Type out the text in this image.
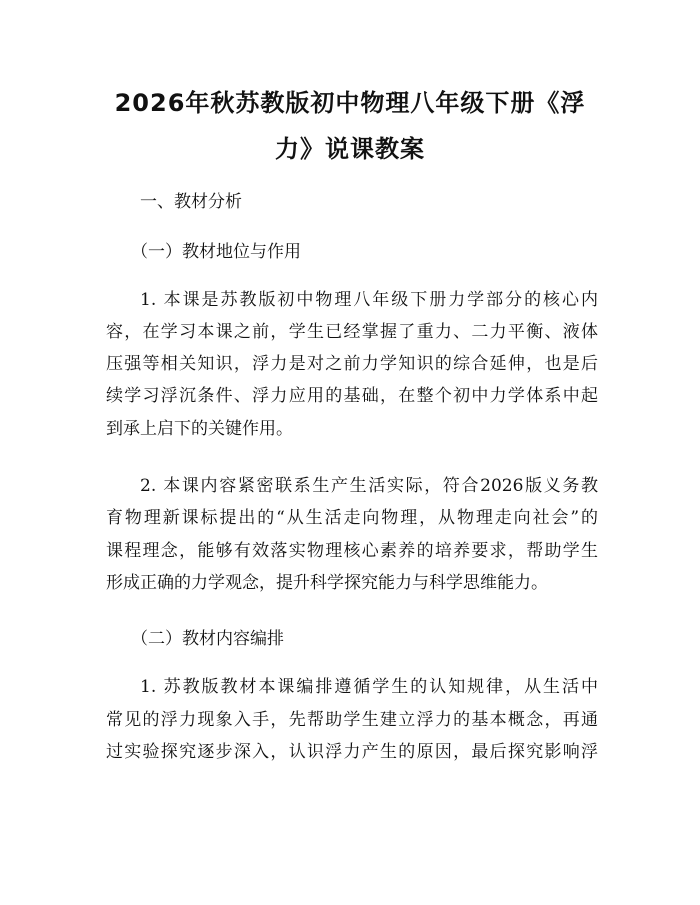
2026年秋苏教版初中物理八年级下册《浮
力》说课教案
一、教材分析
（一）教材地位与作用
1. 本课是苏教版初中物理八年级下册力学部分的核心内
容，在学习本课之前，学生已经掌握了重力、二力平衡、液体
压强等相关知识，浮力是对之前力学知识的综合延伸，也是后
续学习浮沉条件、浮力应用的基础，在整个初中力学体系中起
到承上启下的关键作用。
2. 本课内容紧密联系生产生活实际，符合2026版义务教
育物理新课标提出的“从生活走向物理，从物理走向社会”的
课程理念，能够有效落实物理核心素养的培养要求，帮助学生
形成正确的力学观念，提升科学探究能力与科学思维能力。
（二）教材内容编排
1. 苏教版教材本课编排遵循学生的认知规律，从生活中
常见的浮力现象入手，先帮助学生建立浮力的基本概念，再通
过实验探究逐步深入，认识浮力产生的原因，最后探究影响浮
